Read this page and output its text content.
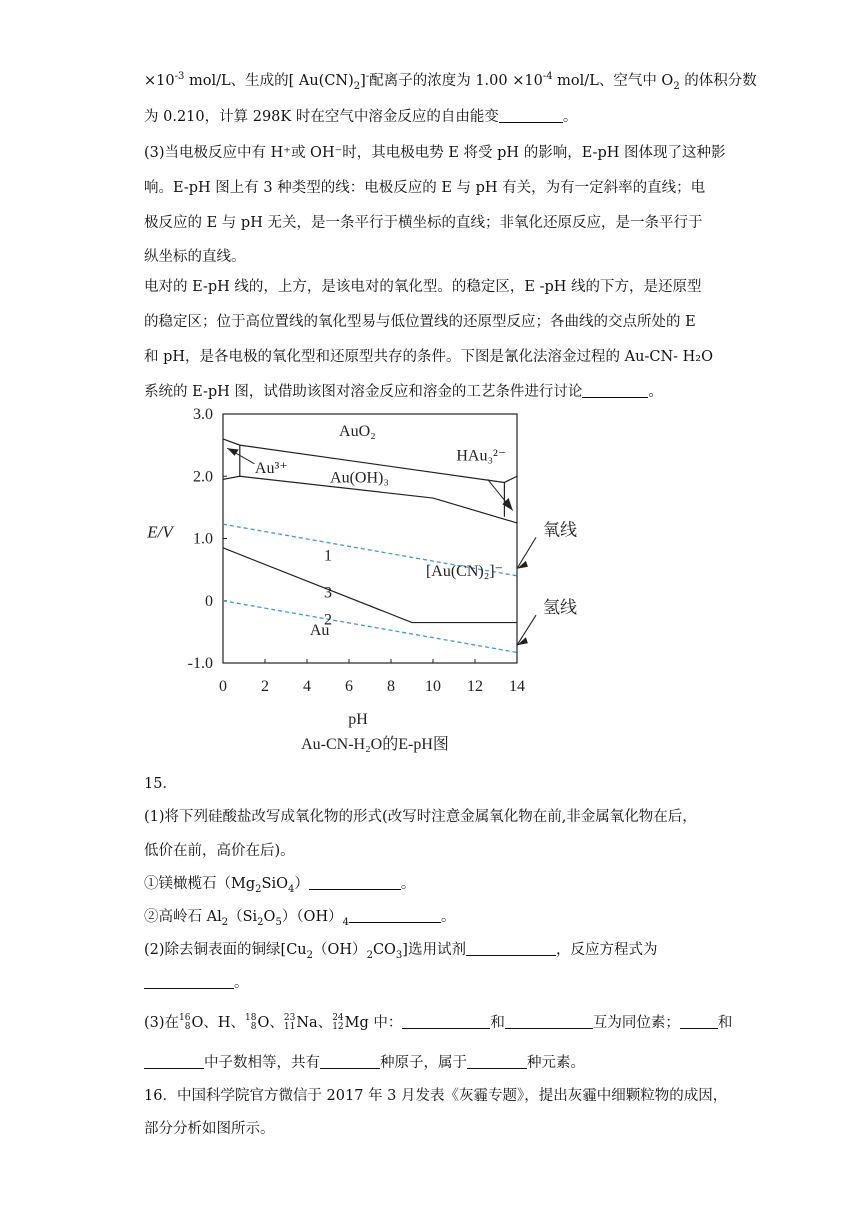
$\times 10^{-3}$ mol/L、生成的[ $Au(CN)_2]^-$配离子的浓度为 $1.00 \times 10^{-4}$ mol/L、空气中 $O_2$ 的体积分数
为 0.210，计算 298K 时在空气中溶金反应的自由能变	。
(3)当电极反应中有 H⁺或 OH⁻时，其电极电势 E 将受 pH 的影响，E-pH 图体现了这种影
响。E-pH 图上有 3 种类型的线：电极反应的 E 与 pH 有关，为有一定斜率的直线；电
极反应的 E 与 pH 无关，是一条平行于横坐标的直线；非氧化还原反应，是一条平行于
纵坐标的直线。
电对的 E-pH 线的，上方，是该电对的氧化型。的稳定区，E -pH 线的下方，是还原型
的稳定区；位于高位置线的氧化型易与低位置线的还原型反应；各曲线的交点所处的 E
和 pH，是各电极的氧化型和还原型共存的条件。下图是氰化法溶金过程的 Au-CN- H₂O
系统的 E-pH 图，试借助该图对溶金反应和溶金的工艺条件进行讨论	。
0 2 4 6 8 10 12 14
-1.0
0
1.0
2.0
3.0
E/V
pH
Au-CN-H₂O的E-pH图
AuO₂
HAu₃²⁻
Au³⁺
Au(OH)₃
[Au(CN)₂]⁻
Au
1
3
2
氧线
氢线
15．
(1)将下列硅酸盐改写成氧化物的形式(改写时注意金属氧化物在前,非金属氧化物在后，
低价在前，高价在后)。
①镁橄榄石$(Mg_2SiO_4)$	。
②高岭石 $Al_2(Si_2O_5)(OH)_4$	。
(2)除去铜表面的铜绿$[Cu_2(OH)_2CO_3]$选用试剂	，反应方程式为
。
(3)在 16
8 O、H、 18
8 O、 23
11 Na、 24
12 Mg 中：	和	互为同位素；	和
中子数相等，共有	种原子，属于	种元素。
16．中国科学院官方微信于 2017 年 3 月发表《灰霾专题》，提出灰霾中细颗粒物的成因，
部分分析如图所示。
